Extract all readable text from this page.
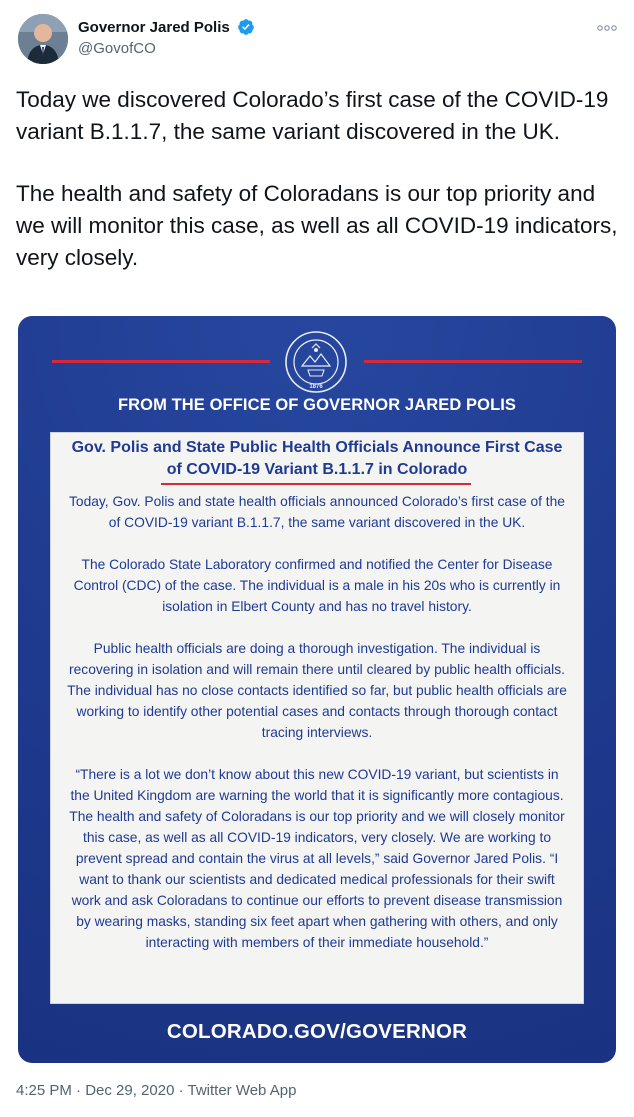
Governor Jared Polis
@GovofCO

Today we discovered Colorado’s first case of the COVID-19 variant B.1.1.7, the same variant discovered in the UK.

The health and safety of Coloradans is our top priority and we will monitor this case, as well as all COVID-19 indicators, very closely.

1876
FROM THE OFFICE OF GOVERNOR JARED POLIS
Gov. Polis and State Public Health Officials Announce First Case
of COVID-19 Variant B.1.1.7 in Colorado

Today, Gov. Polis and state health officials announced Colorado’s first case of the of COVID-19 variant B.1.1.7, the same variant discovered in the UK.

The Colorado State Laboratory confirmed and notified the Center for Disease Control (CDC) of the case. The individual is a male in his 20s who is currently in isolation in Elbert County and has no travel history.

Public health officials are doing a thorough investigation. The individual is recovering in isolation and will remain there until cleared by public health officials. The individual has no close contacts identified so far, but public health officials are working to identify other potential cases and contacts through thorough contact tracing interviews.

“There is a lot we don’t know about this new COVID-19 variant, but scientists in the United Kingdom are warning the world that it is significantly more contagious. The health and safety of Coloradans is our top priority and we will closely monitor this case, as well as all COVID-19 indicators, very closely. We are working to prevent spread and contain the virus at all levels,” said Governor Jared Polis. “I want to thank our scientists and dedicated medical professionals for their swift work and ask Coloradans to continue our efforts to prevent disease transmission by wearing masks, standing six feet apart when gathering with others, and only interacting with members of their immediate household.”

COLORADO.GOV/GOVERNOR
4:25 PM · Dec 29, 2020 · Twitter Web App
